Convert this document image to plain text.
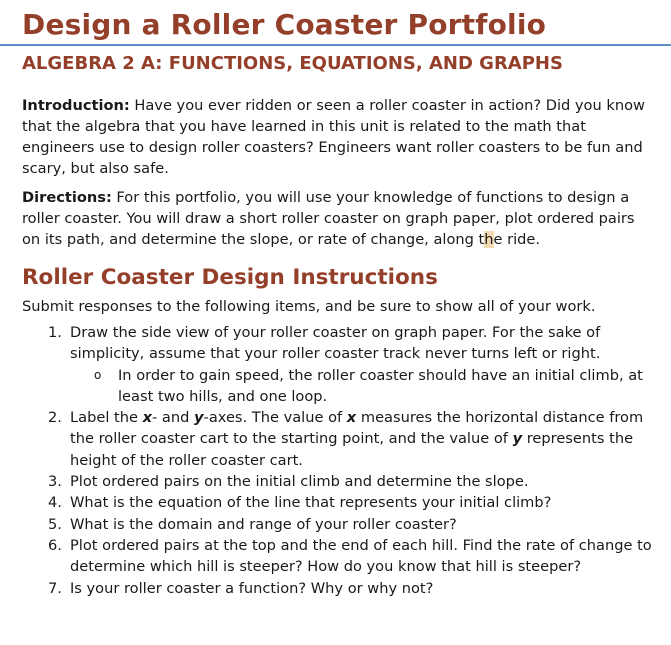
Design a Roller Coaster Portfolio
ALGEBRA 2 A: FUNCTIONS, EQUATIONS, AND GRAPHS

Introduction: Have you ever ridden or seen a roller coaster in action? Did you know that the algebra that you have learned in this unit is related to the math that engineers use to design roller coasters? Engineers want roller coasters to be fun and scary, but also safe.

Directions: For this portfolio, you will use your knowledge of functions to design a roller coaster. You will draw a short roller coaster on graph paper, plot ordered pairs on its path, and determine the slope, or rate of change, along the ride.

Roller Coaster Design Instructions
Submit responses to the following items, and be sure to show all of your work.
1. Draw the side view of your roller coaster on graph paper. For the sake of simplicity, assume that your roller coaster track never turns left or right.
o In order to gain speed, the roller coaster should have an initial climb, at least two hills, and one loop.
2. Label the x- and y-axes. The value of x measures the horizontal distance from the roller coaster cart to the starting point, and the value of y represents the height of the roller coaster cart.
3. Plot ordered pairs on the initial climb and determine the slope.
4. What is the equation of the line that represents your initial climb?
5. What is the domain and range of your roller coaster?
6. Plot ordered pairs at the top and the end of each hill. Find the rate of change to determine which hill is steeper? How do you know that hill is steeper?
7. Is your roller coaster a function? Why or why not?
